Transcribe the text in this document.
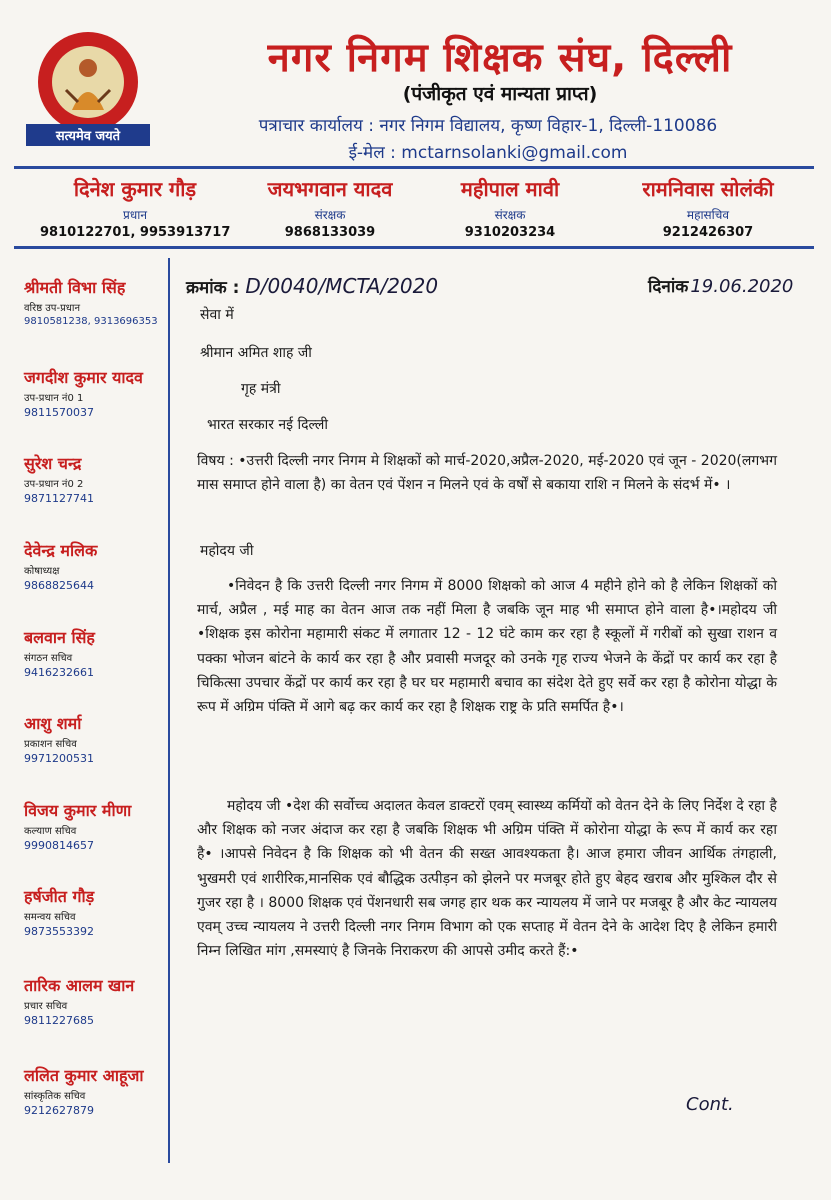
सत्यमेव जयते
नगर निगम शिक्षक संघ, दिल्ली
(पंजीकृत एवं मान्यता प्राप्त)
पत्राचार कार्यालय : नगर निगम विद्यालय, कृष्ण विहार-1, दिल्ली-110086
ई-मेल : mctarnsolanki@gmail.com
दिनेश कुमार गौड़
प्रधान
9810122701, 9953913717
जयभगवान यादव
संरक्षक
9868133039
महीपाल मावी
संरक्षक
9310203234
रामनिवास सोलंकी
महासचिव
9212426307
श्रीमती विभा सिंह
वरिष्ठ उप-प्रधान
9810581238, 9313696353
जगदीश कुमार यादव
उप-प्रधान नं0 1
9811570037
सुरेश चन्द्र
उप-प्रधान नं0 2
9871127741
देवेन्द्र मलिक
कोषाध्यक्ष
9868825644
बलवान सिंह
संगठन सचिव
9416232661
आशु शर्मा
प्रकाशन सचिव
9971200531
विजय कुमार मीणा
कल्याण सचिव
9990814657
हर्षजीत गौड़
समन्वय सचिव
9873553392
तारिक आलम खान
प्रचार सचिव
9811227685
ललित कुमार आहूजा
सांस्कृतिक सचिव
9212627879
क्रमांक : D/0040/MCTA/2020	दिनांक 19.06.2020
सेवा में
श्रीमान अमित शाह जी
गृह मंत्री
भारत सरकार नई दिल्ली
विषय : •उत्तरी दिल्ली नगर निगम मे शिक्षकों को मार्च-2020,अप्रैल-2020, मई-2020 एवं जून - 2020(लगभग मास समाप्त होने वाला है) का वेतन एवं पेंशन न मिलने एवं के वर्षों से बकाया राशि न मिलने के संदर्भ में• ।
महोदय जी
•निवेदन है कि उत्तरी दिल्ली नगर निगम में 8000 शिक्षको को आज 4 महीने होने को है लेकिन शिक्षकों को मार्च, अप्रैल , मई माह का वेतन आज तक नहीं मिला है जबकि जून माह भी समाप्त होने वाला है•।महोदय जी •शिक्षक इस कोरोना महामारी संकट में लगातार 12 - 12 घंटे काम कर रहा है स्कूलों में गरीबों को सुखा राशन व पक्का भोजन बांटने के कार्य कर रहा है और प्रवासी मजदूर को उनके गृह राज्य भेजने के केंद्रों पर कार्य कर रहा है चिकित्सा उपचार केंद्रों पर कार्य कर रहा है घर घर महामारी बचाव का संदेश देते हुए सर्वे कर रहा है कोरोना योद्धा के रूप में अग्रिम पंक्ति में आगे बढ़ कर कार्य कर रहा है शिक्षक राष्ट्र के प्रति समर्पित है•।
महोदय जी •देश की सर्वोच्च अदालत केवल डाक्टरों एवम् स्वास्थ्य कर्मियों को वेतन देने के लिए निर्देश दे रहा है और शिक्षक को नजर अंदाज कर रहा है जबकि शिक्षक भी अग्रिम पंक्ति में कोरोना योद्धा के रूप में कार्य कर रहा है• ।आपसे निवेदन है कि शिक्षक को भी वेतन की सख्त आवश्यकता है। आज हमारा जीवन आर्थिक तंगहाली, भुखमरी एवं शारीरिक,मानसिक एवं बौद्धिक उत्पीड़न को झेलने पर मजबूर होते हुए बेहद खराब और मुश्किल दौर से गुजर रहा है । 8000 शिक्षक एवं पेंशनधारी सब जगह हार थक कर न्यायलय में जाने पर मजबूर है और केट न्यायलय एवम् उच्च न्यायलय ने उत्तरी दिल्ली नगर निगम विभाग को एक सप्ताह में वेतन देने के आदेश दिए है लेकिन हमारी निम्न लिखित मांग ,समस्याएं है जिनके निराकरण की आपसे उमीद करते हैं:•
Cont.
